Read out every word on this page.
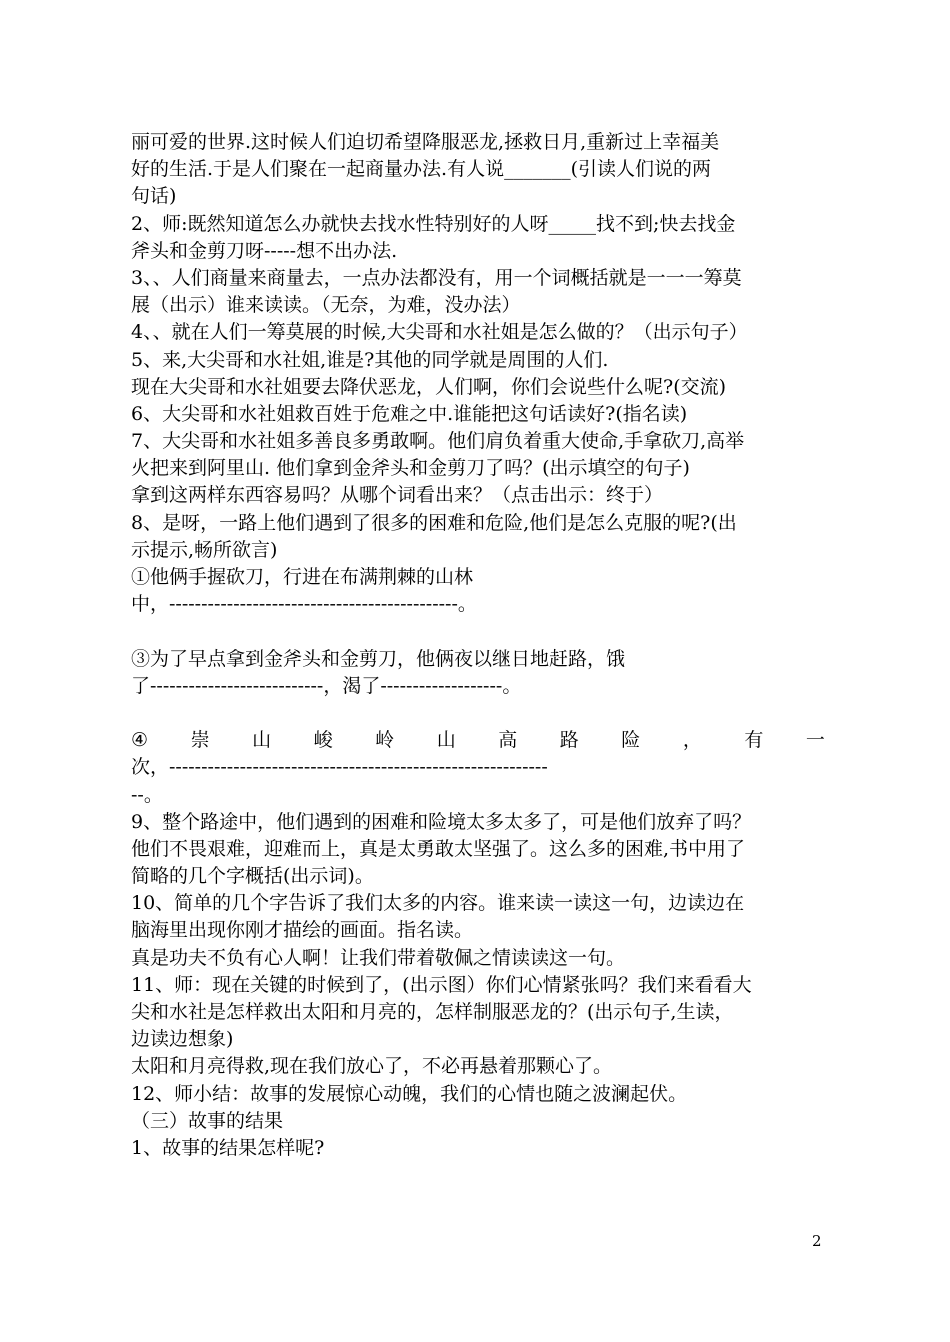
丽可爱的世界.这时候人们迫切希望降服恶龙,拯救日月,重新过上幸福美
好的生活.于是人们聚在一起商量办法.有人说_______(引读人们说的两
句话)
2、师:既然知道怎么办就快去找水性特别好的人呀_____找不到;快去找金
斧头和金剪刀呀-----想不出办法.
3、、人们商量来商量去，一点办法都没有，用一个词概括就是一一一筹莫
展（出示）谁来读读。（无奈，为难，没办法）
4、、就在人们一筹莫展的时候,大尖哥和水社姐是怎么做的？（出示句子）
5、来,大尖哥和水社姐,谁是?其他的同学就是周围的人们.
现在大尖哥和水社姐要去降伏恶龙，人们啊，你们会说些什么呢?(交流)
6、大尖哥和水社姐救百姓于危难之中.谁能把这句话读好?(指名读)
7、大尖哥和水社姐多善良多勇敢啊。他们肩负着重大使命,手拿砍刀,高举
火把来到阿里山. 他们拿到金斧头和金剪刀了吗？(出示填空的句子)
拿到这两样东西容易吗？从哪个词看出来？（点击出示：终于）
8、是呀，一路上他们遇到了很多的困难和危险,他们是怎么克服的呢?(出
示提示,畅所欲言)
①他俩手握砍刀，行进在布满荆棘的山林
中，---------------------------------------------。
③为了早点拿到金斧头和金剪刀，他俩夜以继日地赶路，饿
了---------------------------，渴了-------------------。
④ 崇 山 峻 岭 山 高 路 险 ， 有 一
次，-----------------------------------------------------------
--。
9、整个路途中，他们遇到的困难和险境太多太多了，可是他们放弃了吗？
他们不畏艰难，迎难而上，真是太勇敢太坚强了。这么多的困难,书中用了
简略的几个字概括(出示词)。
10、简单的几个字告诉了我们太多的内容。谁来读一读这一句，边读边在
脑海里出现你刚才描绘的画面。指名读。
真是功夫不负有心人啊！让我们带着敬佩之情读读这一句。
11、师：现在关键的时候到了，(出示图）你们心情紧张吗？我们来看看大
尖和水社是怎样救出太阳和月亮的，怎样制服恶龙的？(出示句子,生读，
边读边想象)
太阳和月亮得救,现在我们放心了，不必再悬着那颗心了。
12、师小结：故事的发展惊心动魄，我们的心情也随之波澜起伏。
（三）故事的结果
1、故事的结果怎样呢?
2
